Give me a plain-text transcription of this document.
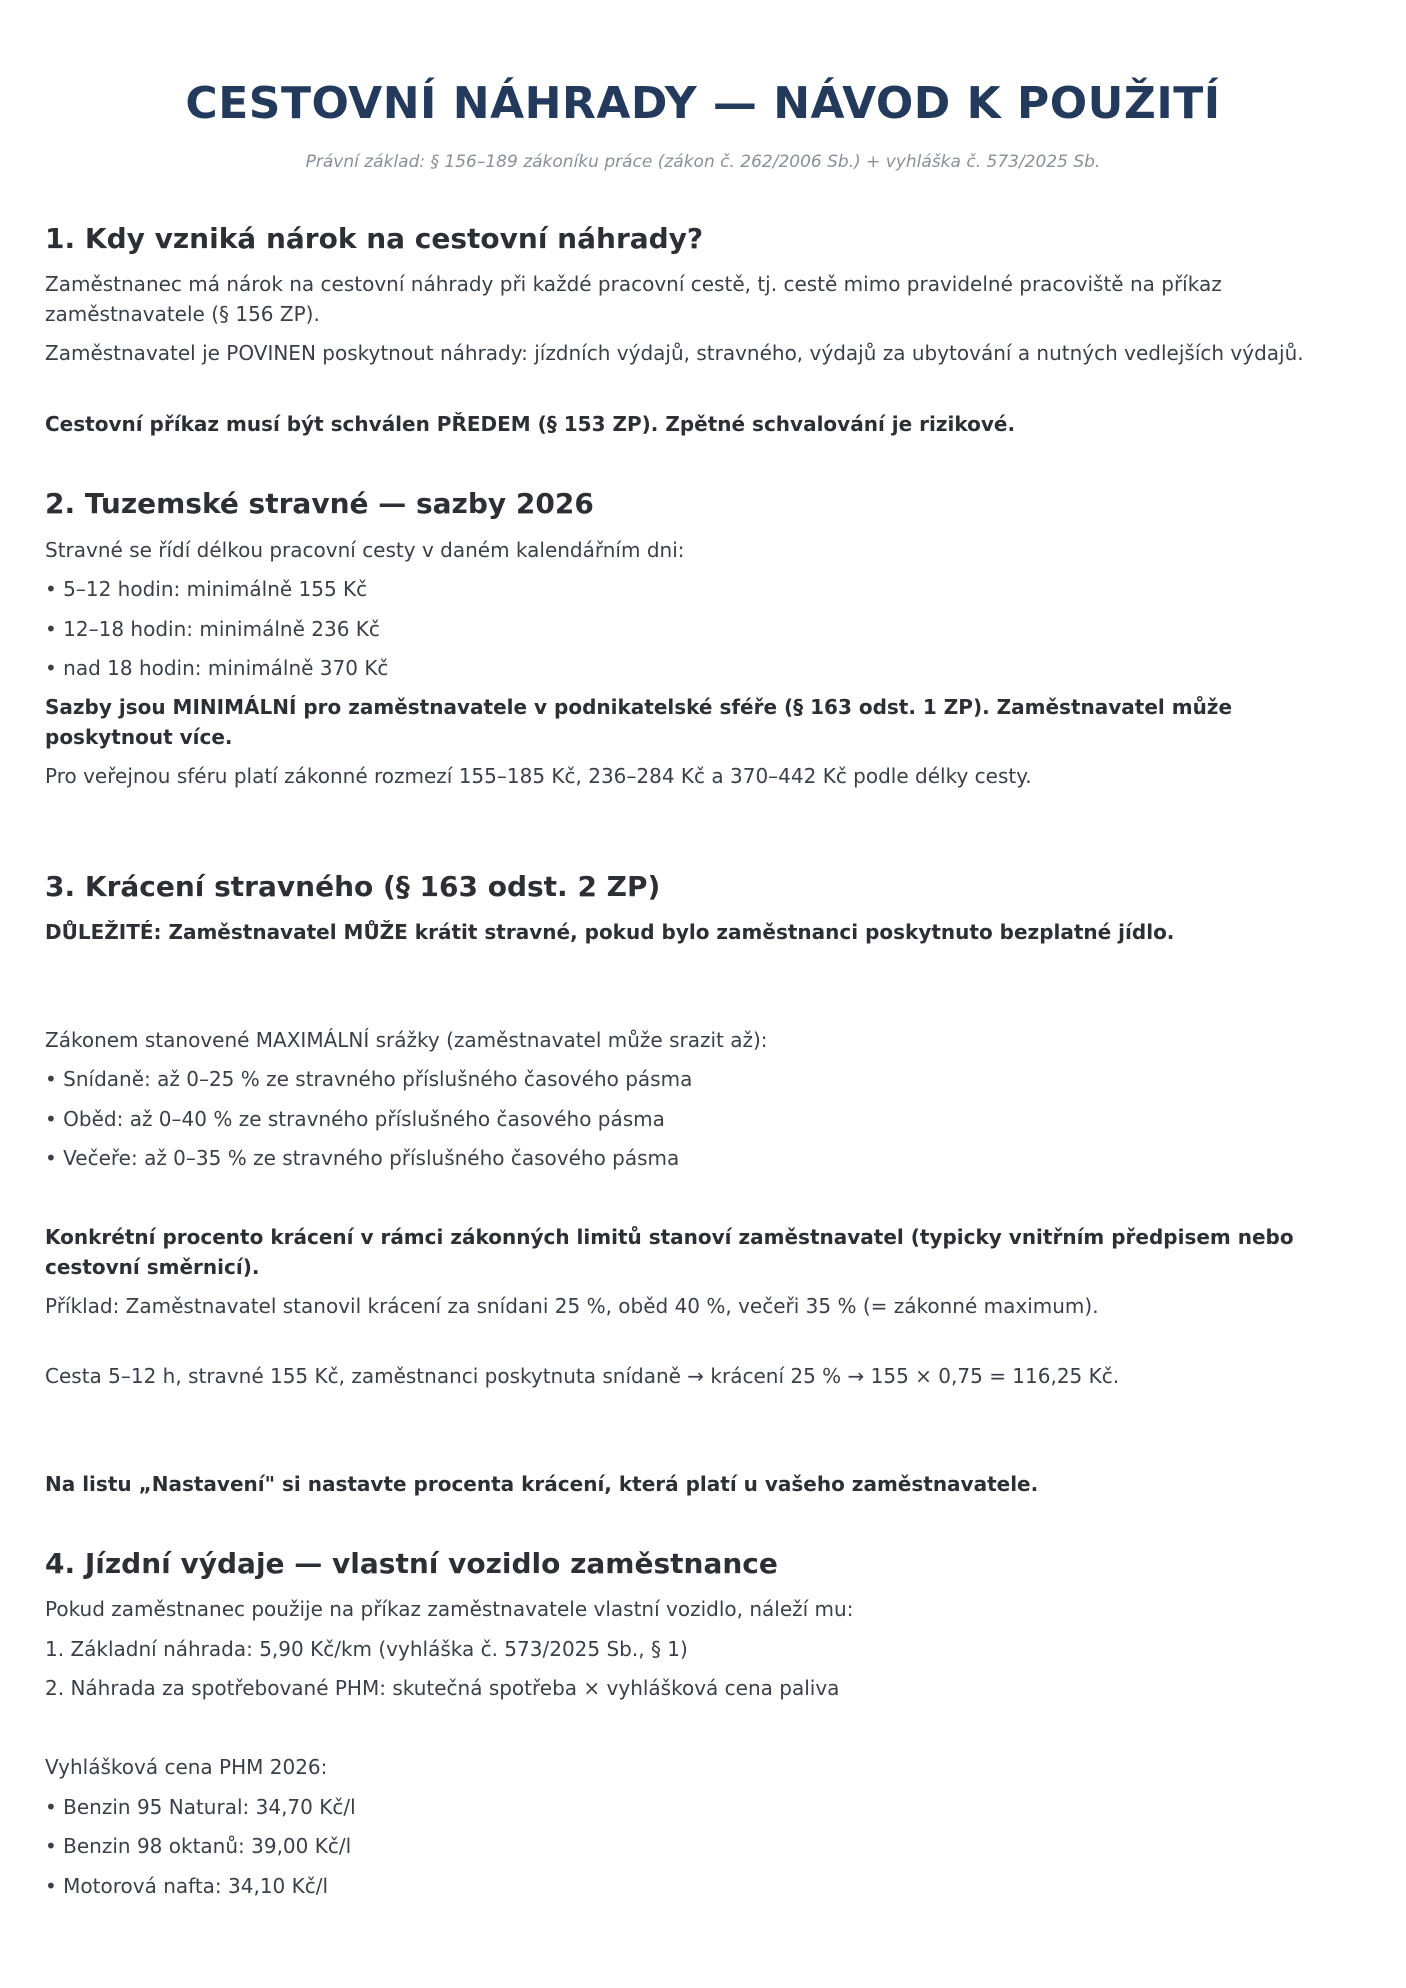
CESTOVNÍ NÁHRADY — NÁVOD K POUŽITÍ

Právní základ: § 156–189 zákoníku práce (zákon č. 262/2006 Sb.) + vyhláška č. 573/2025 Sb.

1. Kdy vzniká nárok na cestovní náhrady?

Zaměstnanec má nárok na cestovní náhrady při každé pracovní cestě, tj. cestě mimo pravidelné pracoviště na příkaz zaměstnavatele (§ 156 ZP).

Zaměstnavatel je POVINEN poskytnout náhrady: jízdních výdajů, stravného, výdajů za ubytování a nutných vedlejších výdajů.

Cestovní příkaz musí být schválen PŘEDEM (§ 153 ZP). Zpětné schvalování je rizikové.

2. Tuzemské stravné — sazby 2026

Stravné se řídí délkou pracovní cesty v daném kalendářním dni:

• 5–12 hodin: minimálně 155 Kč

• 12–18 hodin: minimálně 236 Kč

• nad 18 hodin: minimálně 370 Kč

Sazby jsou MINIMÁLNÍ pro zaměstnavatele v podnikatelské sféře (§ 163 odst. 1 ZP). Zaměstnavatel může poskytnout více.

Pro veřejnou sféru platí zákonné rozmezí 155–185 Kč, 236–284 Kč a 370–442 Kč podle délky cesty.

3. Krácení stravného (§ 163 odst. 2 ZP)

DŮLEŽITÉ: Zaměstnavatel MŮŽE krátit stravné, pokud bylo zaměstnanci poskytnuto bezplatné jídlo.

Zákonem stanovené MAXIMÁLNÍ srážky (zaměstnavatel může srazit až):

• Snídaně: až 0–25 % ze stravného příslušného časového pásma

• Oběd: až 0–40 % ze stravného příslušného časového pásma

• Večeře: až 0–35 % ze stravného příslušného časového pásma

Konkrétní procento krácení v rámci zákonných limitů stanoví zaměstnavatel (typicky vnitřním předpisem nebo cestovní směrnicí).

Příklad: Zaměstnavatel stanovil krácení za snídani 25 %, oběd 40 %, večeři 35 % (= zákonné maximum).

Cesta 5–12 h, stravné 155 Kč, zaměstnanci poskytnuta snídaně → krácení 25 % → 155 × 0,75 = 116,25 Kč.

Na listu „Nastavení" si nastavte procenta krácení, která platí u vašeho zaměstnavatele.

4. Jízdní výdaje — vlastní vozidlo zaměstnance

Pokud zaměstnanec použije na příkaz zaměstnavatele vlastní vozidlo, náleží mu:

1. Základní náhrada: 5,90 Kč/km (vyhláška č. 573/2025 Sb., § 1)

2. Náhrada za spotřebované PHM: skutečná spotřeba × vyhlášková cena paliva

Vyhlášková cena PHM 2026:

• Benzin 95 Natural: 34,70 Kč/l

• Benzin 98 oktanů: 39,00 Kč/l

• Motorová nafta: 34,10 Kč/l
